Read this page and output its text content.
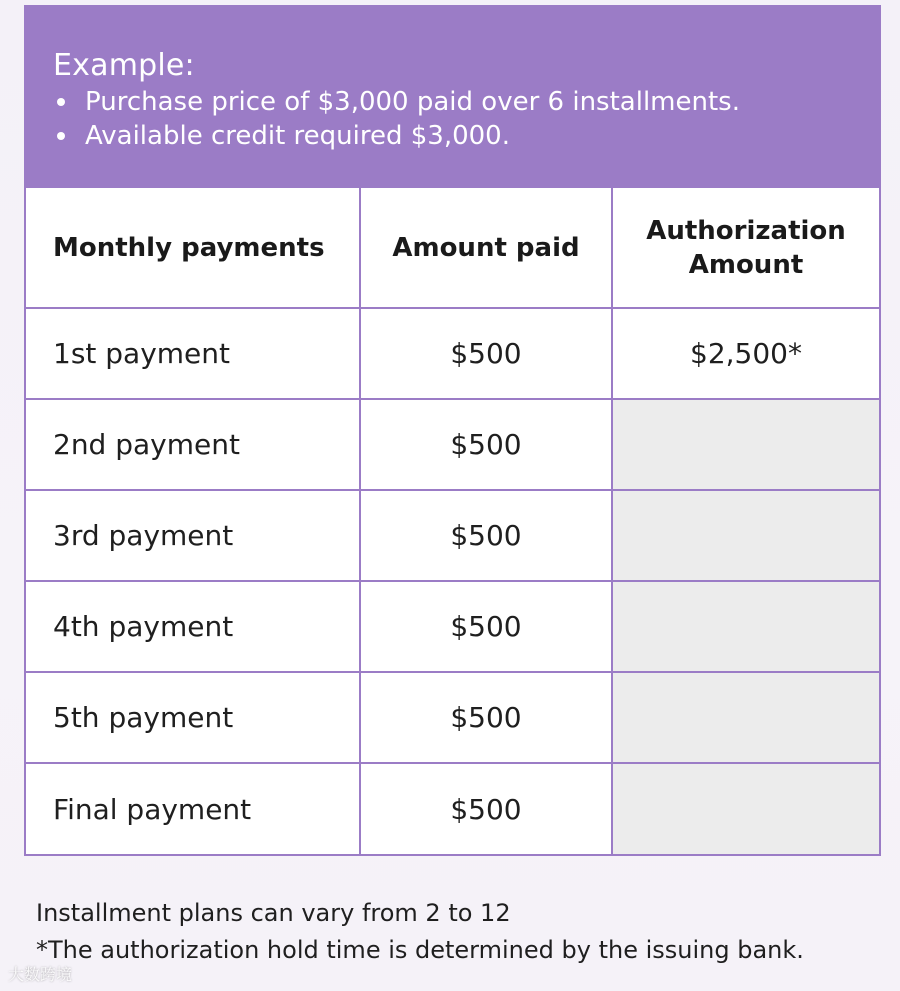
Example:
Purchase price of $3,000 paid over 6 installments.
Available credit required $3,000.
Monthly payments	Amount paid	Authorization Amount
1st payment	$500	$2,500*
2nd payment	$500	
3rd payment	$500	
4th payment	$500	
5th payment	$500	
Final payment	$500	
Installment plans can vary from 2 to 12
*The authorization hold time is determined by the issuing bank.
大数跨境
